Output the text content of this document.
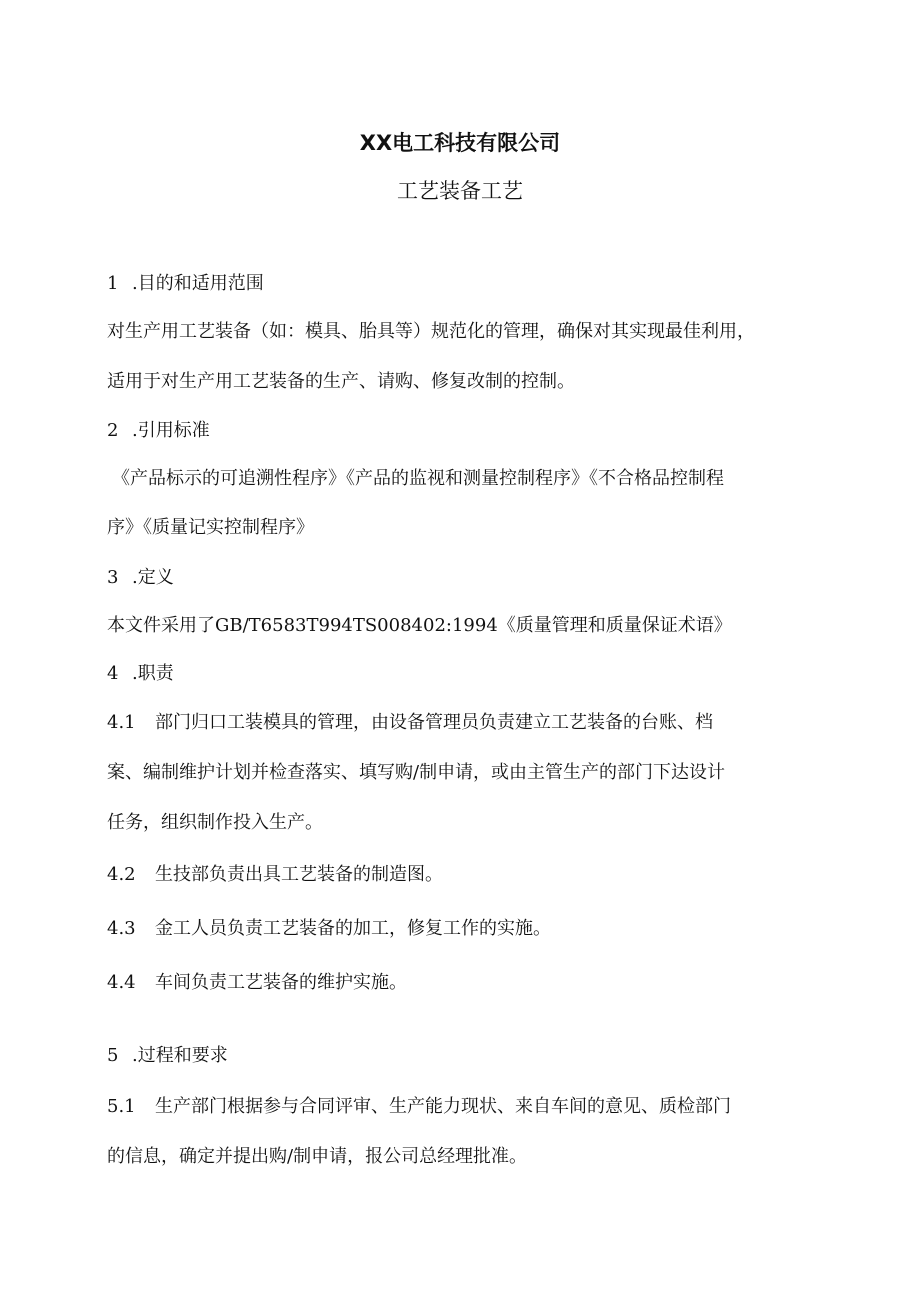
XX电工科技有限公司
工艺装备工艺
1 .目的和适用范围
对生产用工艺装备（如：模具、胎具等）规范化的管理，确保对其实现最佳利用，
适用于对生产用工艺装备的生产、请购、修复改制的控制。
2 .引用标准
《产品标示的可追溯性程序》《产品的监视和测量控制程序》《不合格品控制程
序》《质量记实控制程序》
3 .定义
本文件采用了GB/T6583T994TS008402:1994《质量管理和质量保证术语》
4 .职责
4.1 部门归口工装模具的管理，由设备管理员负责建立工艺装备的台账、档
案、编制维护计划并检查落实、填写购/制申请，或由主管生产的部门下达设计
任务，组织制作投入生产。
4.2 生技部负责出具工艺装备的制造图。
4.3 金工人员负责工艺装备的加工，修复工作的实施。
4.4 车间负责工艺装备的维护实施。
5 .过程和要求
5.1 生产部门根据参与合同评审、生产能力现状、来自车间的意见、质检部门
的信息，确定并提出购/制申请，报公司总经理批准。
